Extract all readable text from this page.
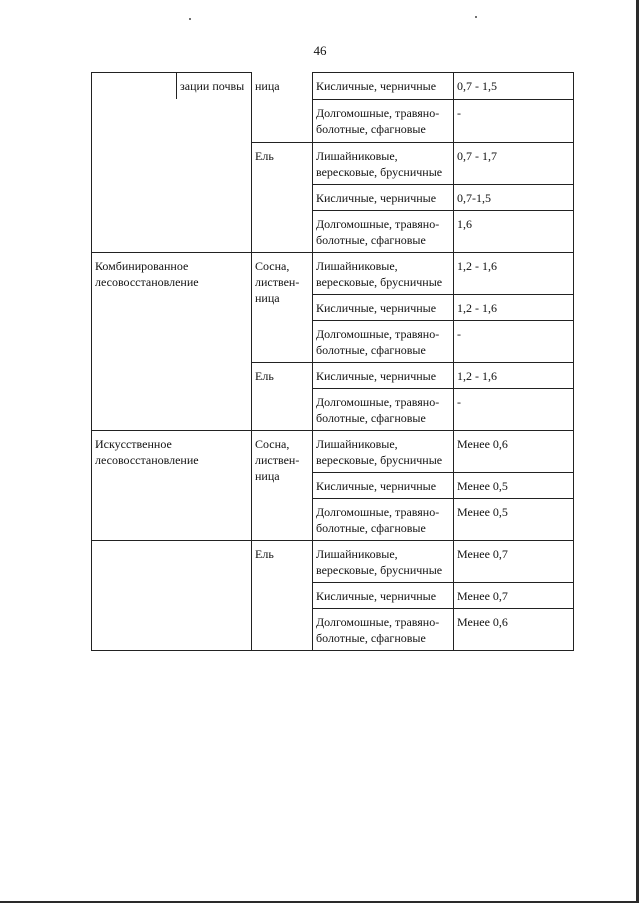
46
	зации почвы
	ница	Кисличные, черничные	0,7 - 1,5
Долгомошные, травяно-болотные, сфагновые	-
Ель	Лишайниковые, вересковые, брусничные	0,7 - 1,7
Кисличные, черничные	0,7-1,5
Долгомошные, травяно-болотные, сфагновые	1,6
Комбинированное лесовосстановление	Сосна, листвен-ница	Лишайниковые, вересковые, брусничные	1,2 - 1,6
Кисличные, черничные	1,2 - 1,6
Долгомошные, травяно-болотные, сфагновые	-
Ель	Кисличные, черничные	1,2 - 1,6
Долгомошные, травяно-болотные, сфагновые	-
Искусственное лесовосстановление	Сосна, листвен-ница	Лишайниковые, вересковые, брусничные	Менее 0,6
Кисличные, черничные	Менее 0,5
Долгомошные, травяно-болотные, сфагновые	Менее 0,5
	Ель	Лишайниковые, вересковые, брусничные	Менее 0,7
Кисличные, черничные	Менее 0,7
Долгомошные, травяно-болотные, сфагновые	Менее 0,6
